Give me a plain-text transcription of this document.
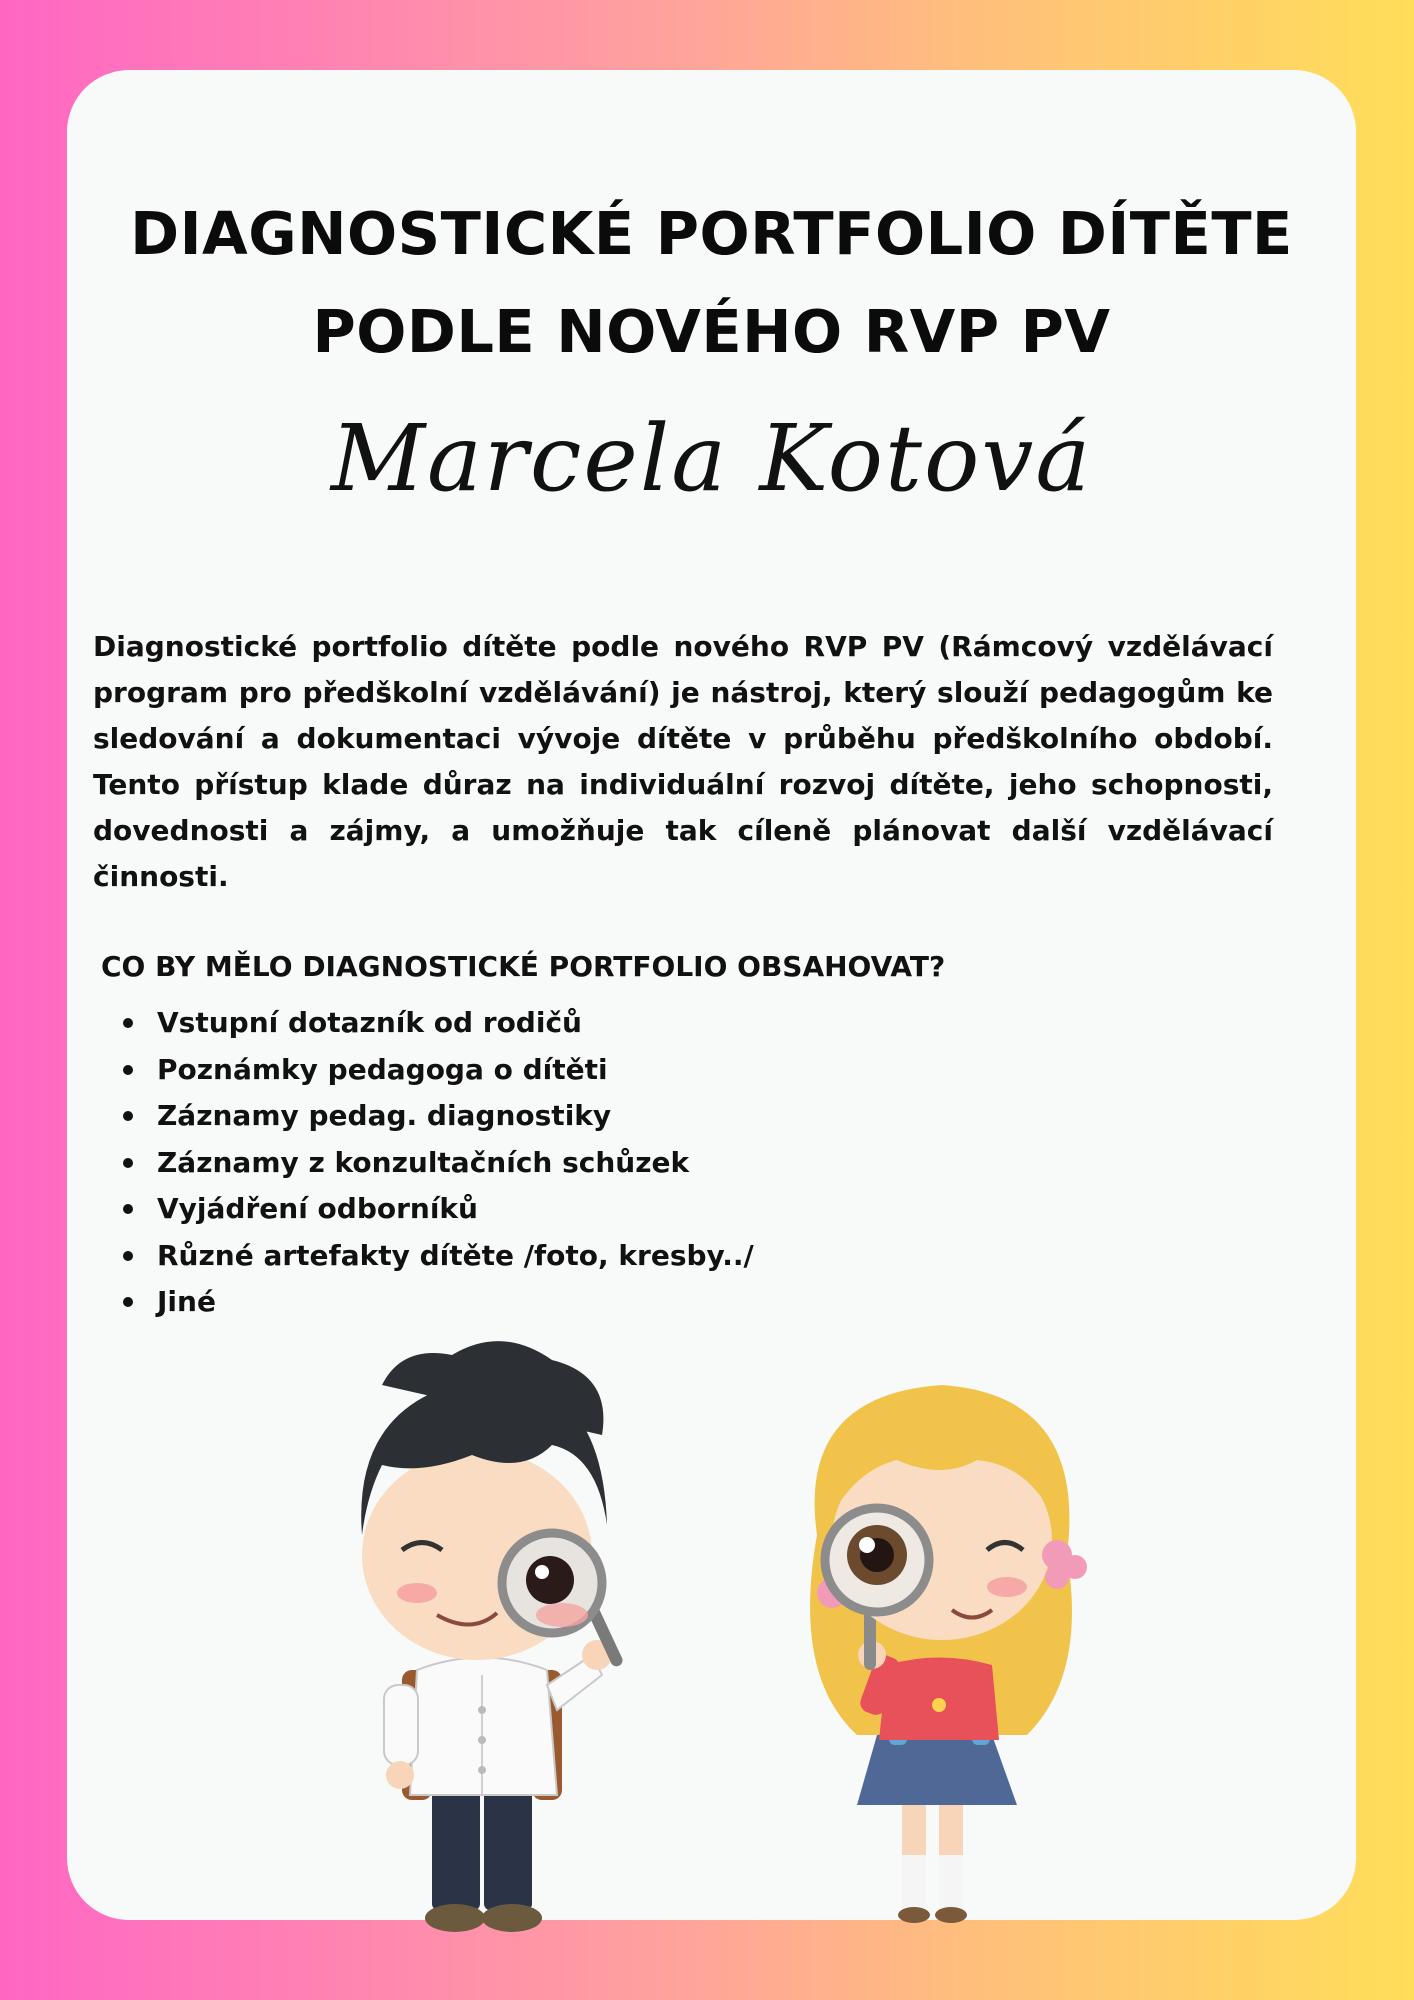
DIAGNOSTICKÉ PORTFOLIO DÍTĚTE
PODLE NOVÉHO RVP PV
Marcela Kotová
Diagnostické portfolio dítěte podle nového RVP PV (Rámcový vzdělávací program pro předškolní vzdělávání) je nástroj, který slouží pedagogům ke sledování a dokumentaci vývoje dítěte v průběhu předškolního období. Tento přístup klade důraz na individuální rozvoj dítěte, jeho schopnosti, dovednosti a zájmy, a umožňuje tak cíleně plánovat další vzdělávací činnosti.
CO BY MĚLO DIAGNOSTICKÉ PORTFOLIO OBSAHOVAT?
Vstupní dotazník od rodičů
Poznámky pedagoga o dítěti
Záznamy pedag. diagnostiky
Záznamy z konzultačních schůzek
Vyjádření odborníků
Různé artefakty dítěte /foto, kresby../
Jiné
